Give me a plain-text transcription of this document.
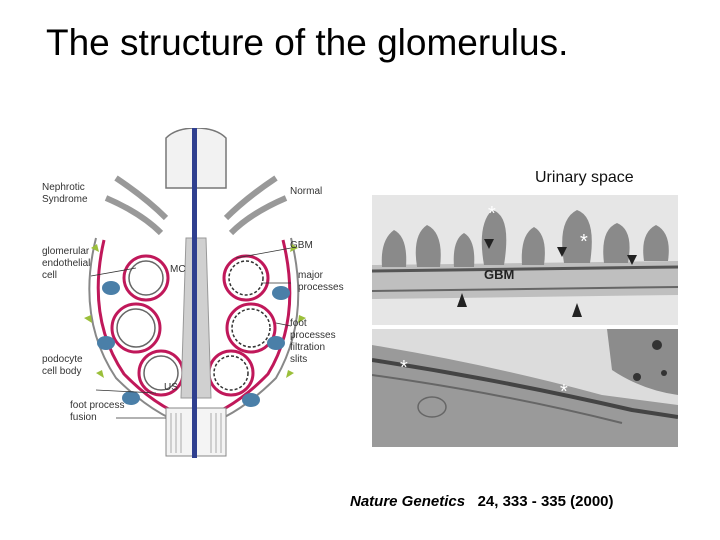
The structure of the glomerulus.
Nephrotic
Syndrome
Normal
glomerular
endothelial
cell
GBM
MC
major
processes
foot
processes
filtration
slits
podocyte
cell body
US
foot process
fusion
Urinary space
*
*
*
*
GBM
Nature Genetics 24, 333 - 335 (2000)
